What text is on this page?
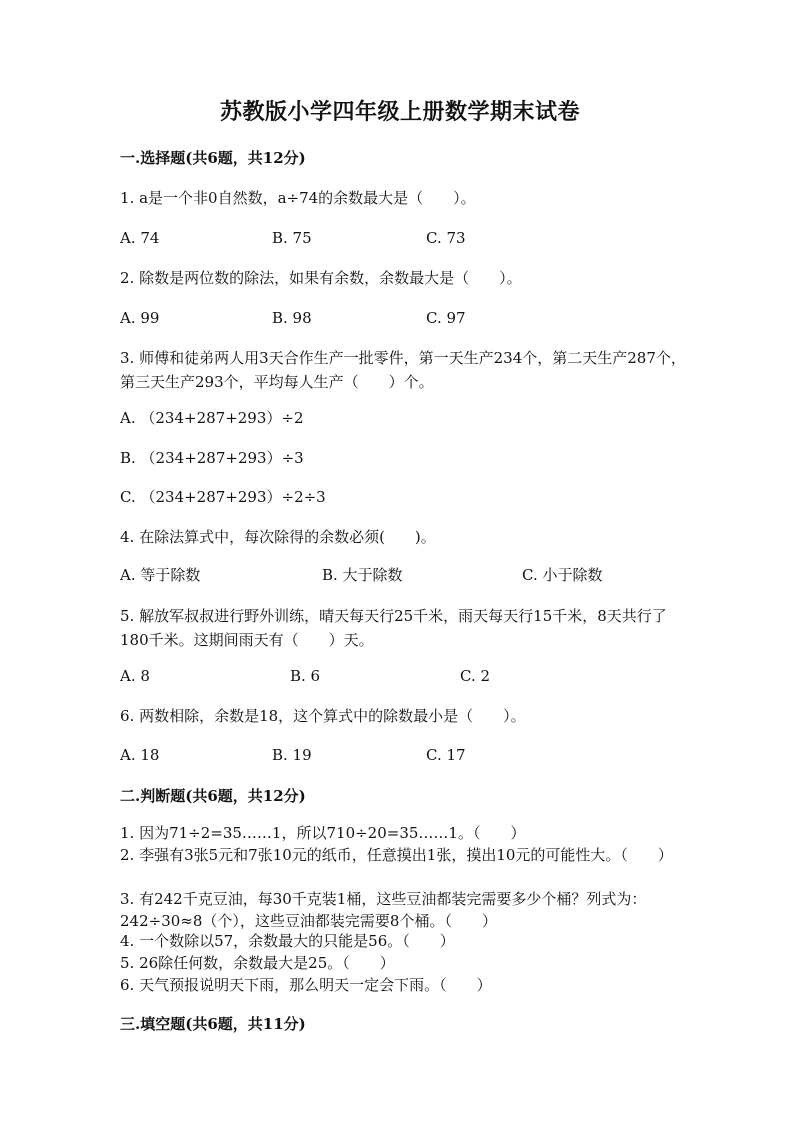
苏教版小学四年级上册数学期末试卷
一.选择题(共6题，共12分)
1. a是一个非0自然数，a÷74的余数最大是（　　）。
A. 74	B. 75	C. 73
2. 除数是两位数的除法，如果有余数，余数最大是（　　）。
A. 99	B. 98	C. 97
3. 师傅和徒弟两人用3天合作生产一批零件，第一天生产234个，第二天生产287个，第三天生产293个，平均每人生产（　　）个。
A. （234+287+293）÷2
B. （234+287+293）÷3
C. （234+287+293）÷2÷3
4. 在除法算式中，每次除得的余数必须(　　)。
A. 等于除数	B. 大于除数	C. 小于除数
5. 解放军叔叔进行野外训练，晴天每天行25千米，雨天每天行15千米，8天共行了180千米。这期间雨天有（　　）天。
A. 8	B. 6	C. 2
6. 两数相除，余数是18，这个算式中的除数最小是（　　）。
A. 18	B. 19	C. 17
二.判断题(共6题，共12分)
1. 因为71÷2=35……1，所以710÷20=35……1。（　　）
2. 李强有3张5元和7张10元的纸币，任意摸出1张，摸出10元的可能性大。（　　）
3. 有242千克豆油，每30千克装1桶，这些豆油都装完需要多少个桶？列式为：242÷30≈8（个），这些豆油都装完需要8个桶。（　　）
4. 一个数除以57，余数最大的只能是56。（　　）
5. 26除任何数，余数最大是25。（　　）
6. 天气预报说明天下雨，那么明天一定会下雨。（　　）
三.填空题(共6题，共11分)
